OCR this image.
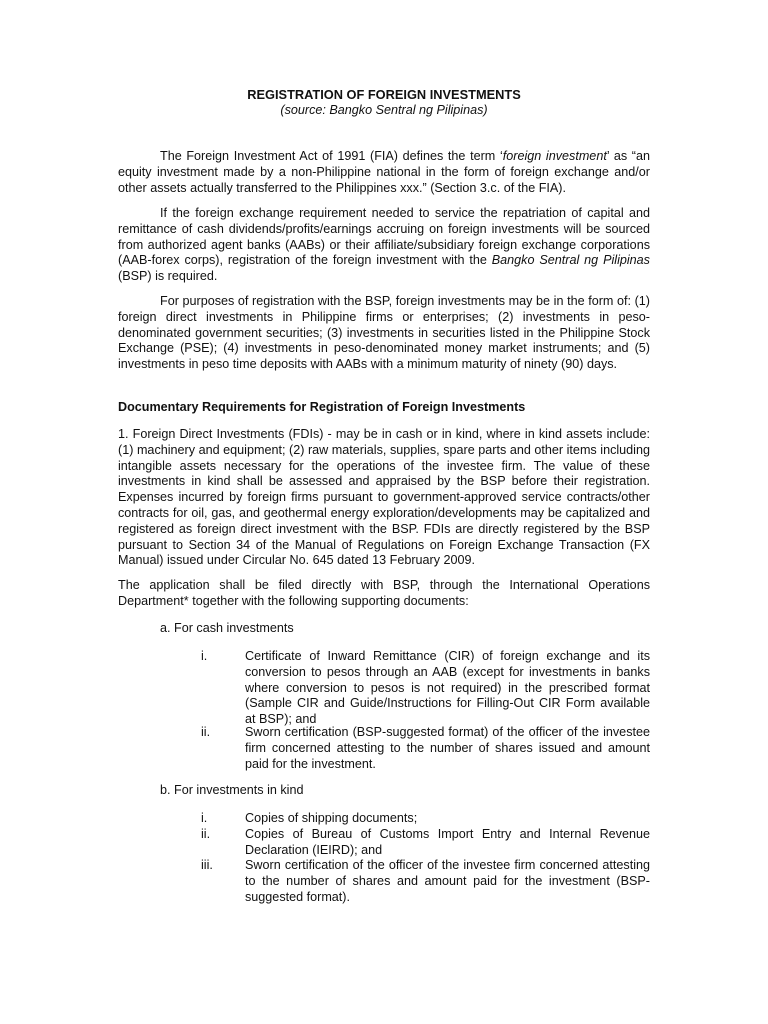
REGISTRATION OF FOREIGN INVESTMENTS
(source: Bangko Sentral ng Pilipinas)
The Foreign Investment Act of 1991 (FIA) defines the term ‘foreign investment’ as “an equity investment made by a non-Philippine national in the form of foreign exchange and/or other assets actually transferred to the Philippines xxx.” (Section 3.c. of the FIA).
If the foreign exchange requirement needed to service the repatriation of capital and remittance of cash dividends/profits/earnings accruing on foreign investments will be sourced from authorized agent banks (AABs) or their affiliate/subsidiary foreign exchange corporations (AAB-forex corps), registration of the foreign investment with the Bangko Sentral ng Pilipinas (BSP) is required.
For purposes of registration with the BSP, foreign investments may be in the form of: (1) foreign direct investments in Philippine firms or enterprises; (2) investments in peso-denominated government securities; (3) investments in securities listed in the Philippine Stock Exchange (PSE); (4) investments in peso-denominated money market instruments; and (5) investments in peso time deposits with AABs with a minimum maturity of ninety (90) days.
Documentary Requirements for Registration of Foreign Investments
1. Foreign Direct Investments (FDIs) - may be in cash or in kind, where in kind assets include: (1) machinery and equipment; (2) raw materials, supplies, spare parts and other items including intangible assets necessary for the operations of the investee firm. The value of these investments in kind shall be assessed and appraised by the BSP before their registration. Expenses incurred by foreign firms pursuant to government-approved service contracts/other contracts for oil, gas, and geothermal energy exploration/developments may be capitalized and registered as foreign direct investment with the BSP. FDIs are directly registered by the BSP pursuant to Section 34 of the Manual of Regulations on Foreign Exchange Transaction (FX Manual) issued under Circular No. 645 dated 13 February 2009.
The application shall be filed directly with BSP, through the International Operations Department* together with the following supporting documents:
a. For cash investments
i.	Certificate of Inward Remittance (CIR) of foreign exchange and its conversion to pesos through an AAB (except for investments in banks where conversion to pesos is not required) in the prescribed format (Sample CIR and Guide/Instructions for Filling-Out CIR Form available at BSP); and
ii.	Sworn certification (BSP-suggested format) of the officer of the investee firm concerned attesting to the number of shares issued and amount paid for the investment.
b. For investments in kind
i.	Copies of shipping documents;
ii.	Copies of Bureau of Customs Import Entry and Internal Revenue Declaration (IEIRD); and
iii.	Sworn certification of the officer of the investee firm concerned attesting to the number of shares and amount paid for the investment (BSP-suggested format).
